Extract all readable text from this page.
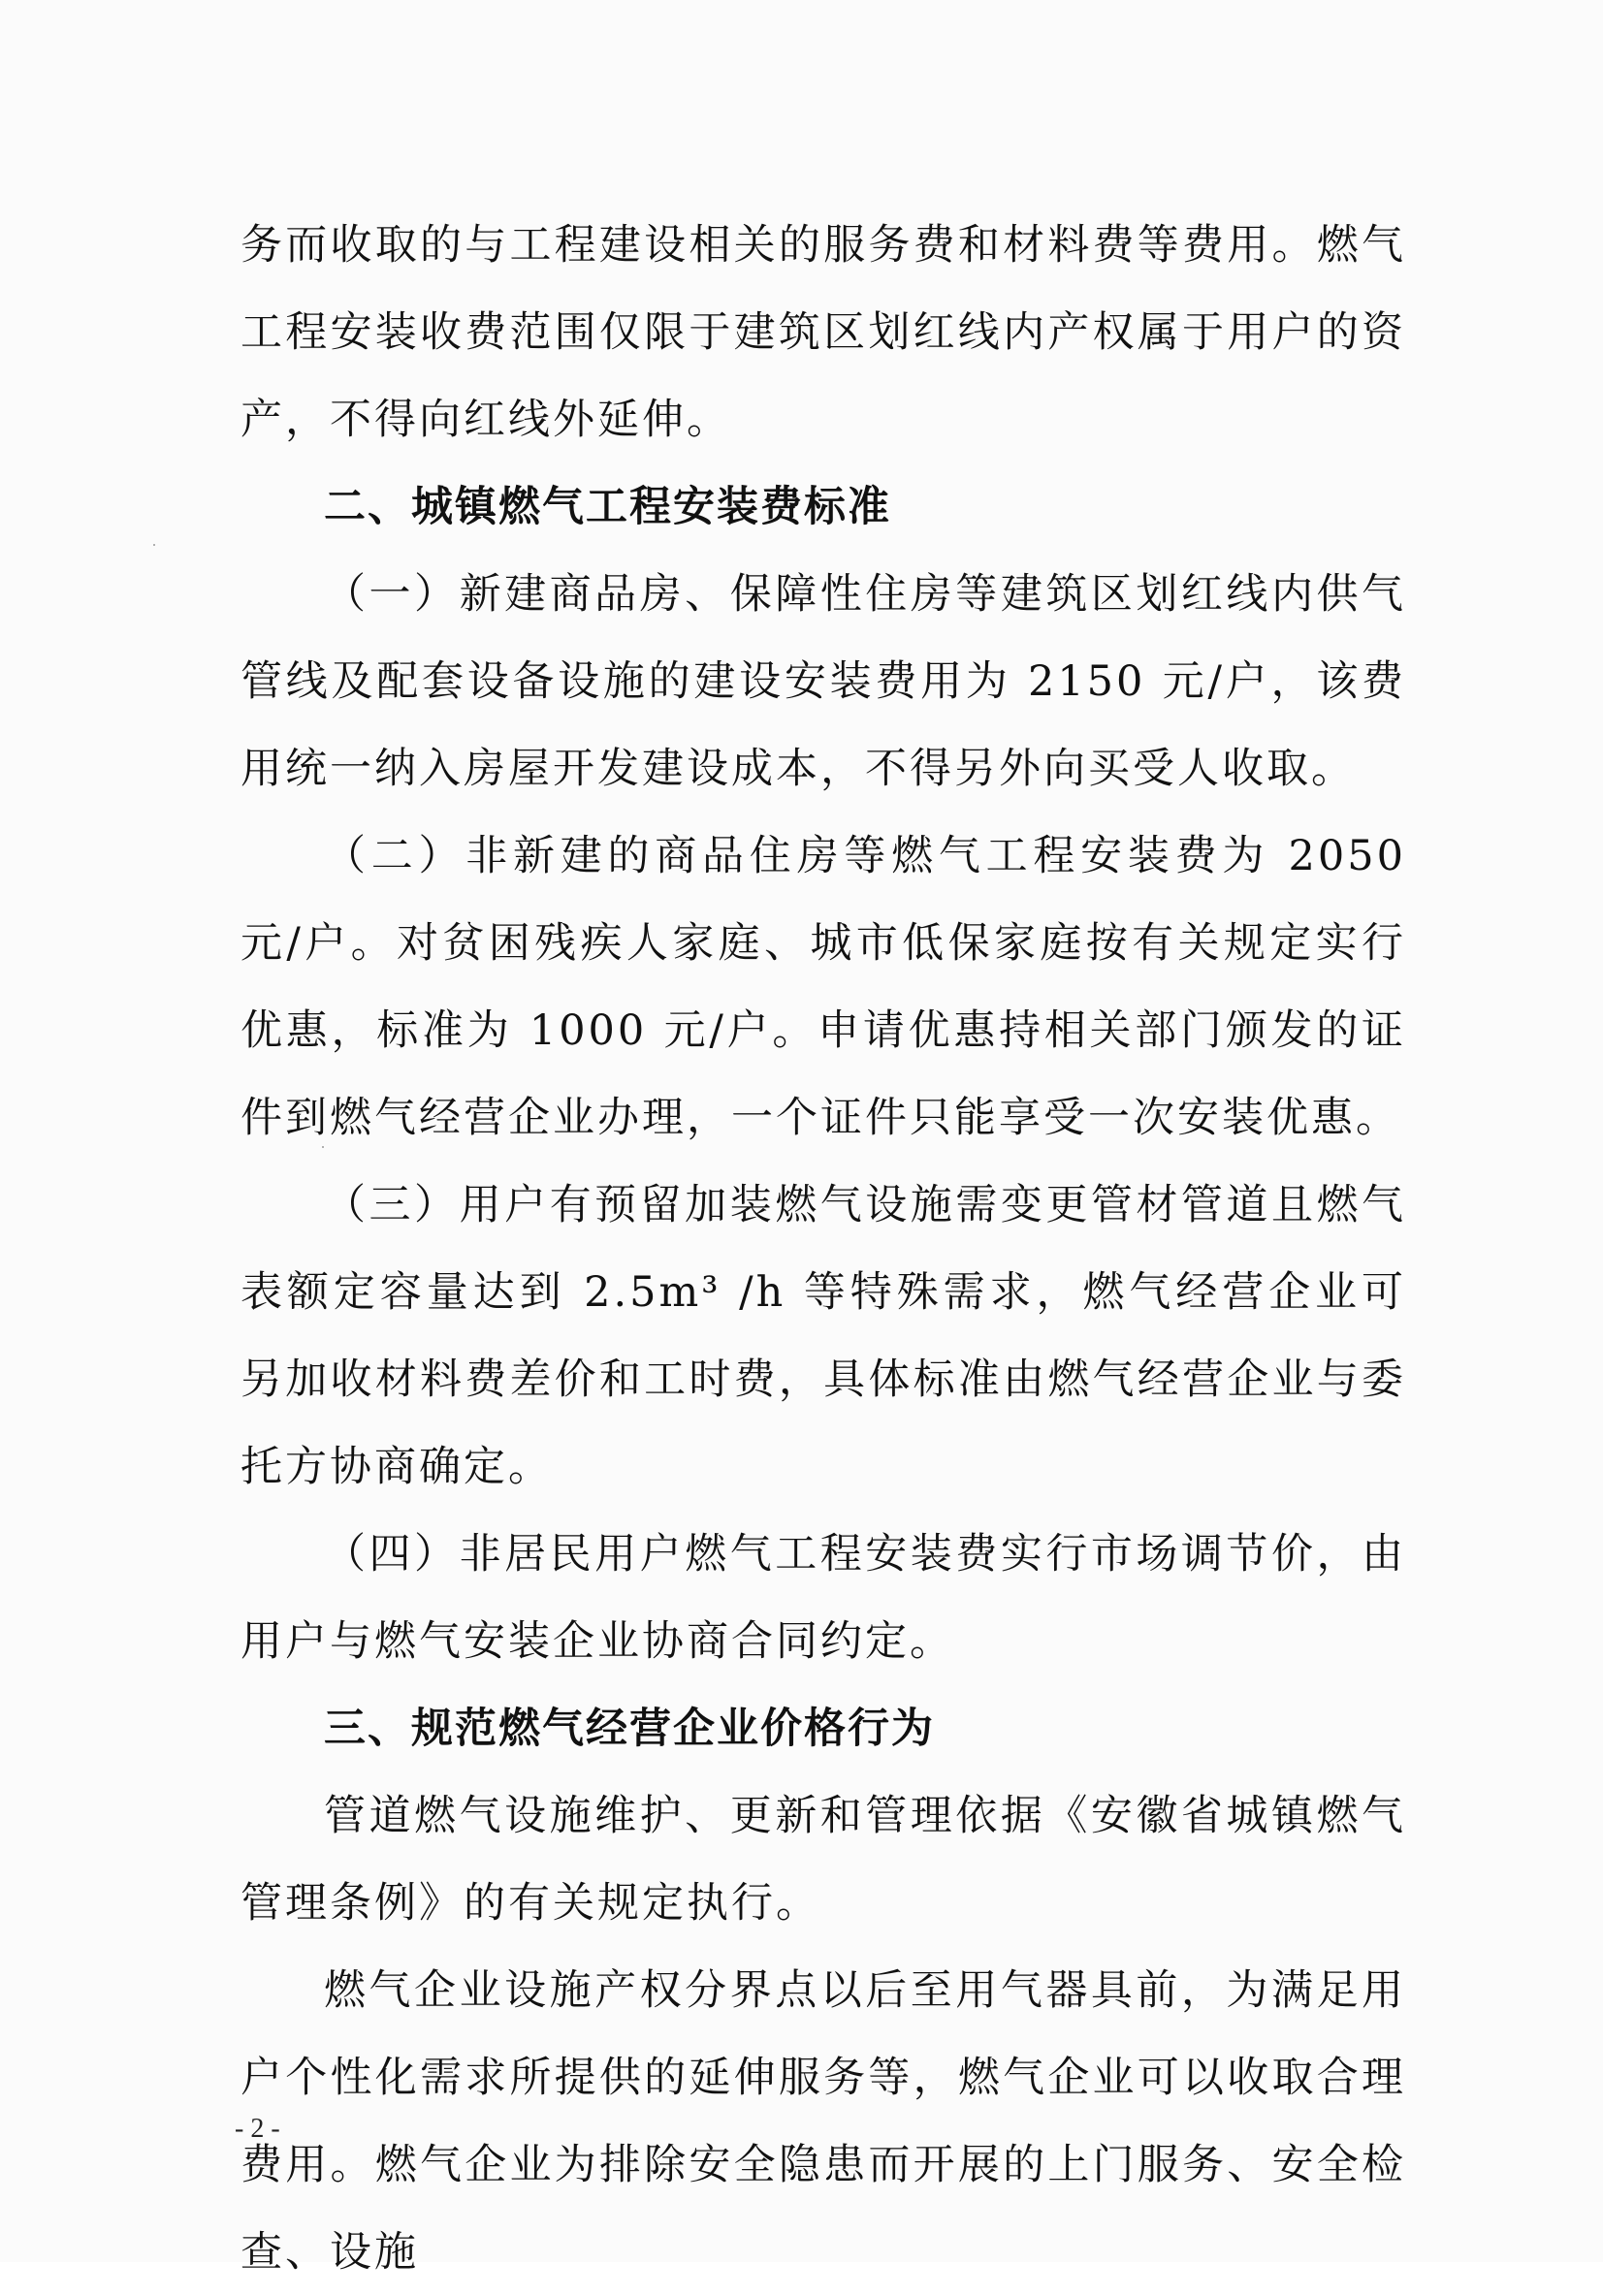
务而收取的与工程建设相关的服务费和材料费等费用。燃气工程安装收费范围仅限于建筑区划红线内产权属于用户的资产，不得向红线外延伸。

二、城镇燃气工程安装费标准

（一）新建商品房、保障性住房等建筑区划红线内供气管线及配套设备设施的建设安装费用为 2150 元/户，该费用统一纳入房屋开发建设成本，不得另外向买受人收取。

（二）非新建的商品住房等燃气工程安装费为 2050 元/户。对贫困残疾人家庭、城市低保家庭按有关规定实行优惠，标准为 1000 元/户。申请优惠持相关部门颁发的证件到燃气经营企业办理，一个证件只能享受一次安装优惠。

（三）用户有预留加装燃气设施需变更管材管道且燃气表额定容量达到 2.5m³ /h 等特殊需求，燃气经营企业可另加收材料费差价和工时费，具体标准由燃气经营企业与委托方协商确定。

（四）非居民用户燃气工程安装费实行市场调节价，由用户与燃气安装企业协商合同约定。

三、规范燃气经营企业价格行为

管道燃气设施维护、更新和管理依据《安徽省城镇燃气管理条例》的有关规定执行。

燃气企业设施产权分界点以后至用气器具前，为满足用户个性化需求所提供的延伸服务等，燃气企业可以收取合理费用。燃气企业为排除安全隐患而开展的上门服务、安全检查、设施

- 2 -
